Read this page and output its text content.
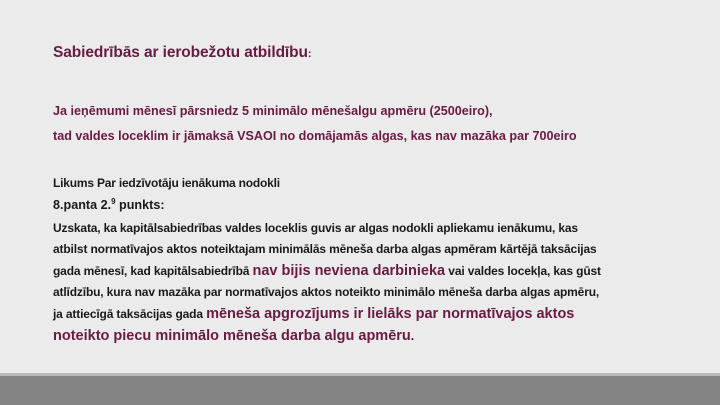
Sabiedrībās ar ierobežotu atbildību:
Ja ieņēmumi mēnesī pārsniedz 5 minimālo mēnešalgu apmēru (2500eiro),
tad valdes loceklim ir jāmaksā VSAOI no domājamās algas, kas nav mazāka par 700eiro
Likums Par iedzīvotāju ienākuma nodokli
8.panta 2.$^9$ punkts:
Uzskata, ka kapitālsabiedrības valdes loceklis guvis ar algas nodokli apliekamu ienākumu, kas
atbilst normatīvajos aktos noteiktajam minimālās mēneša darba algas apmēram kārtējā taksācijas
gada mēnesī, kad kapitālsabiedrībā nav bijis neviena darbinieka vai valdes locekļa, kas gūst
atlīdzību, kura nav mazāka par normatīvajos aktos noteikto minimālo mēneša darba algas apmēru,
ja attiecīgā taksācijas gada mēneša apgrozījums ir lielāks par normatīvajos aktos
noteikto piecu minimālo mēneša darba algu apmēru.
